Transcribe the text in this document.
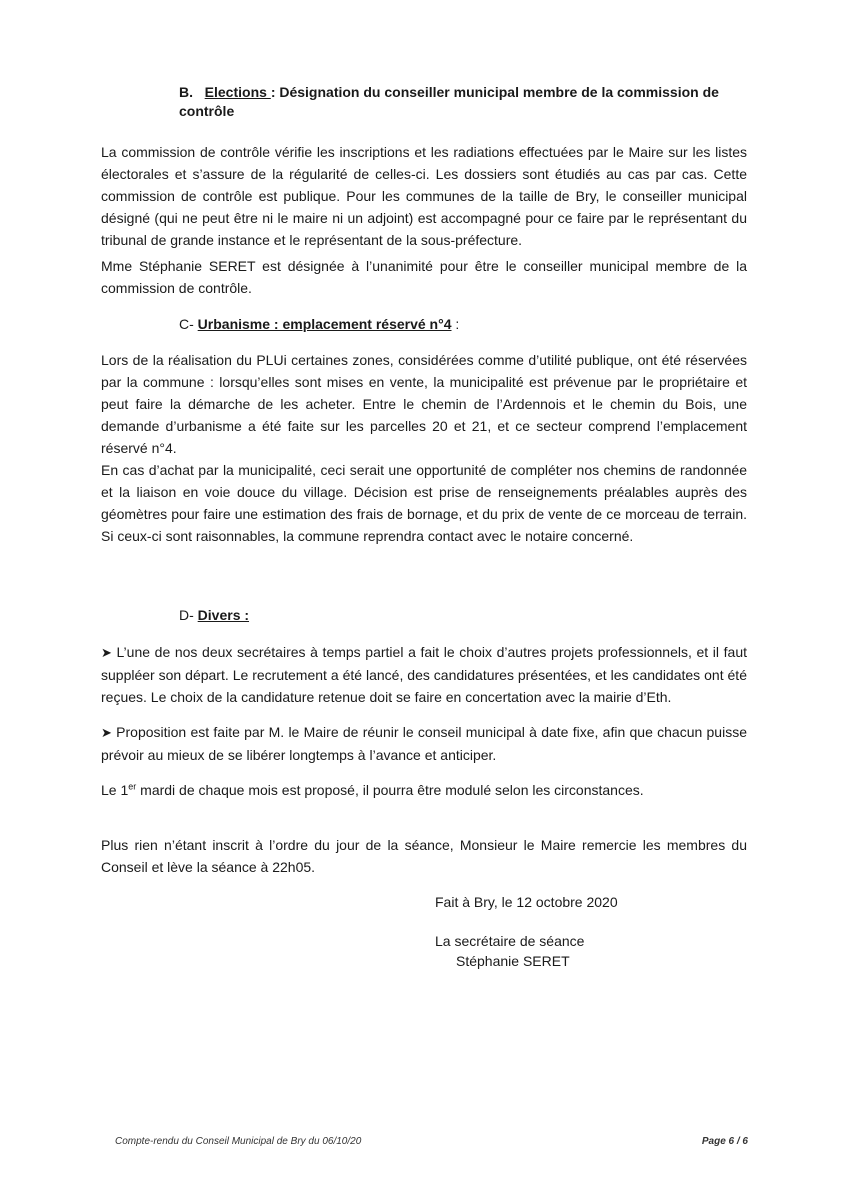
B. Elections : Désignation du conseiller municipal membre de la commission de contrôle
La commission de contrôle vérifie les inscriptions et les radiations effectuées par le Maire sur les listes électorales et s’assure de la régularité de celles-ci. Les dossiers sont étudiés au cas par cas. Cette commission de contrôle est publique. Pour les communes de la taille de Bry, le conseiller municipal désigné (qui ne peut être ni le maire ni un adjoint) est accompagné pour ce faire par le représentant du tribunal de grande instance et le représentant de la sous-préfecture.
Mme Stéphanie SERET est désignée à l’unanimité pour être le conseiller municipal membre de la commission de contrôle.
C- Urbanisme : emplacement réservé n°4 :
Lors de la réalisation du PLUi certaines zones, considérées comme d’utilité publique, ont été réservées par la commune : lorsqu’elles sont mises en vente, la municipalité est prévenue par le propriétaire et peut faire la démarche de les acheter. Entre le chemin de l’Ardennois et le chemin du Bois, une demande d’urbanisme a été faite sur les parcelles 20 et 21, et ce secteur comprend l’emplacement réservé n°4.
En cas d’achat par la municipalité, ceci serait une opportunité de compléter nos chemins de randonnée et la liaison en voie douce du village. Décision est prise de renseignements préalables auprès des géomètres pour faire une estimation des frais de bornage, et du prix de vente de ce morceau de terrain. Si ceux-ci sont raisonnables, la commune reprendra contact avec le notaire concerné.
D- Divers :
➤ L’une de nos deux secrétaires à temps partiel a fait le choix d’autres projets professionnels, et il faut suppléer son départ. Le recrutement a été lancé, des candidatures présentées, et les candidates ont été reçues. Le choix de la candidature retenue doit se faire en concertation avec la mairie d’Eth.
➤ Proposition est faite par M. le Maire de réunir le conseil municipal à date fixe, afin que chacun puisse prévoir au mieux de se libérer longtemps à l’avance et anticiper.
Le 1er mardi de chaque mois est proposé, il pourra être modulé selon les circonstances.
Plus rien n’étant inscrit à l’ordre du jour de la séance, Monsieur le Maire remercie les membres du Conseil et lève la séance à 22h05.
Fait à Bry, le 12 octobre 2020
La secrétaire de séance
Stéphanie SERET
Compte-rendu du Conseil Municipal de Bry du 06/10/20	Page 6 / 6
